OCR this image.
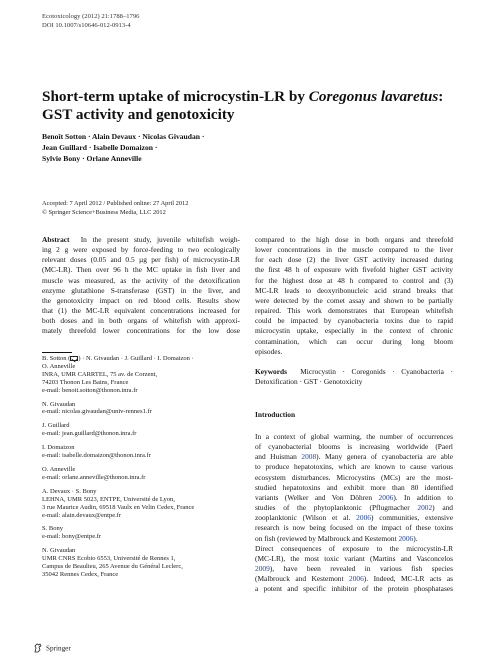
Ecotoxicology (2012) 21:1788–1796
DOI 10.1007/s10646-012-0913-4
Short-term uptake of microcystin-LR by Coregonus lavaretus:
GST activity and genotoxicity
Benoît Sotton · Alain Devaux · Nicolas Givaudan ·
Jean Guillard · Isabelle Domaizon ·
Sylvie Bony · Orlane Anneville
Accepted: 7 April 2012 / Published online: 27 April 2012
© Springer Science+Business Media, LLC 2012
Abstract In the present study, juvenile whitefish weigh-
ing 2 g were exposed by force-feeding to two ecologically
relevant doses (0.05 and 0.5 µg per fish) of microcystin-LR
(MC-LR). Then over 96 h the MC uptake in fish liver and
muscle was measured, as the activity of the detoxification
enzyme glutathione S-transferase (GST) in the liver, and
the genotoxicity impact on red blood cells. Results show
that (1) the MC-LR equivalent concentrations increased for
both doses and in both organs of whitefish with approxi-
mately threefold lower concentrations for the low dose
compared to the high dose in both organs and threefold
lower concentrations in the muscle compared to the liver
for each dose (2) the liver GST activity increased during
the first 48 h of exposure with fivefold higher GST activity
for the highest dose at 48 h compared to control and (3)
MC-LR leads to deoxyribonucleic acid strand breaks that
were detected by the comet assay and shown to be partially
repaired. This work demonstrates that European whitefish
could be impacted by cyanobacteria toxins due to rapid
microcystin uptake, especially in the context of chronic
contamination, which can occur during long bloom
episodes.
Keywords Microcystin · Coregonids · Cyanobacteria ·
Detoxification · GST · Genotoxicity
B. Sotton ( ) · N. Givaudan · J. Guillard · I. Domaizon ·
O. Anneville
INRA, UMR CARRTEL, 75 av. de Corzent,
74203 Thonon Les Bains, France
e-mail: benoit.sotton@thonon.inra.fr
N. Givaudan
e-mail: nicolas.givaudan@univ-rennes1.fr
J. Guillard
e-mail: jean.guillard@thonon.inra.fr
I. Domaizon
e-mail: isabelle.domaizon@thonon.inra.fr
O. Anneville
e-mail: orlane.anneville@thonon.inra.fr
A. Devaux · S. Bony
LEHNA, UMR 5023, ENTPE, Université de Lyon,
3 rue Maurice Audin, 69518 Vaulx en Velin Cedex, France
e-mail: alain.devaux@entpe.fr
S. Bony
e-mail: bony@entpe.fr
N. Givaudan
UMR CNRS Ecobio 6553, Université de Rennes 1,
Campus de Beaulieu, 265 Avenue du Général Leclerc,
35042 Rennes Cedex, France
Introduction
In a context of global warming, the number of occurrences
of cyanobacterial blooms is increasing worldwide (Paerl
and Huisman 2008). Many genera of cyanobacteria are able
to produce hepatotoxins, which are known to cause various
ecosystem disturbances. Microcystins (MCs) are the most-
studied hepatotoxins and exhibit more than 80 identified
variants (Welker and Von Döhren 2006). In addition to
studies of the phytoplanktonic (Pflugmacher 2002) and
zooplanktonic (Wilson et al. 2006) communities, extensive
research is now being focused on the impact of these toxins
on fish (reviewed by Malbrouck and Kestemont 2006).
Direct consequences of exposure to the microcystin-LR
(MC-LR), the most toxic variant (Martins and Vasconcelos
2009), have been revealed in various fish species
(Malbrouck and Kestemont 2006). Indeed, MC-LR acts as
a potent and specific inhibitor of the protein phosphatases
Springer
